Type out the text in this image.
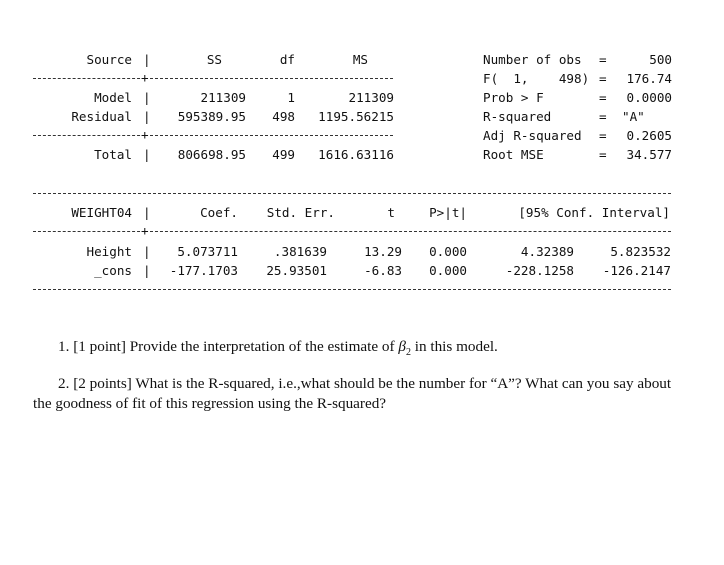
Source |	SS	df	MS
+
Model |	211309	1	211309
Residual |	595389.95	498	1195.56215
+
Total |	806698.95	499	1616.63116
Number of obs =	500
F(  1,    498) =	176.74
Prob > F	=	0.0000
R-squared	= "A"
Adj R-squared =	0.2605
Root MSE	=	34.577
WEIGHT04 |	Coef.	Std. Err.	t	P>|t|	[95% Conf. Interval]
+
Height |	5.073711	.381639	13.29	0.000	4.32389	5.823532
_cons |	-177.1703	25.93501	-6.83	0.000	-228.1258	-126.2147
1. [1 point] Provide the interpretation of the estimate of $\beta_2$ in this model.
2. [2 points] What is the R-squared, i.e.,what should be the number for “A”? What can you say about the goodness of fit of this regression using the R-squared?
